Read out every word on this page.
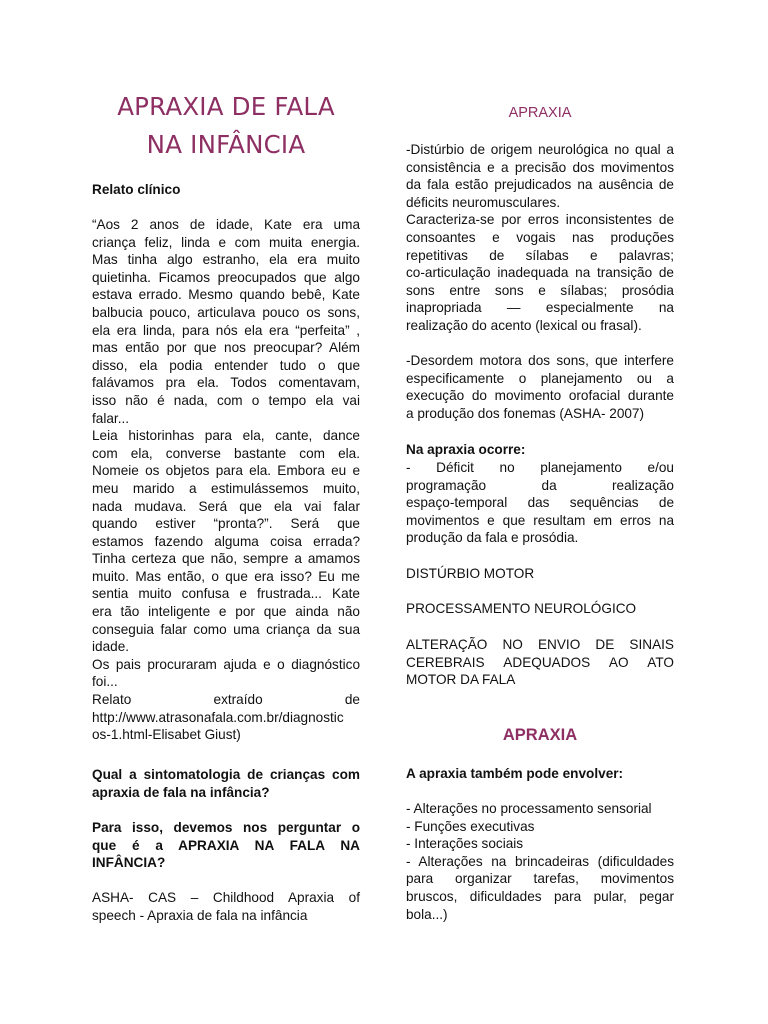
APRAXIA DE FALA
NA INFÂNCIA

Relato clínico

“Aos 2 anos de idade, Kate era uma
criança feliz, linda e com muita energia.
Mas tinha algo estranho, ela era muito
quietinha. Ficamos preocupados que algo
estava errado. Mesmo quando bebê, Kate
balbucia pouco, articulava pouco os sons,
ela era linda, para nós ela era “perfeita” ,
mas então por que nos preocupar? Além
disso, ela podia entender tudo o que
falávamos pra ela. Todos comentavam,
isso não é nada, com o tempo ela vai
falar...
Leia historinhas para ela, cante, dance
com ela, converse bastante com ela.
Nomeie os objetos para ela. Embora eu e
meu marido a estimulássemos muito,
nada mudava. Será que ela vai falar
quando estiver “pronta?”. Será que
estamos fazendo alguma coisa errada?
Tinha certeza que não, sempre a amamos
muito. Mas então, o que era isso? Eu me
sentia muito confusa e frustrada... Kate
era tão inteligente e por que ainda não
conseguia falar como uma criança da sua
idade.
Os pais procuraram ajuda e o diagnóstico
foi...
Relato extraído de
http://www.atrasonafala.com.br/diagnostic
os-1.html-Elisabet Giust)
Qual a sintomatologia de crianças com
apraxia de fala na infância?
Para isso, devemos nos perguntar o
que é a APRAXIA NA FALA NA
INFÂNCIA?
ASHA- CAS – Childhood Apraxia of
speech - Apraxia de fala na infância
APRAXIA
-Distúrbio de origem neurológica no qual a
consistência e a precisão dos movimentos
da fala estão prejudicados na ausência de
déficits neuromusculares.
Caracteriza-se por erros inconsistentes de
consoantes e vogais nas produções
repetitivas de sílabas e palavras;
co-articulação inadequada na transição de
sons entre sons e sílabas; prosódia
inapropriada — especialmente na
realização do acento (lexical ou frasal).
-Desordem motora dos sons, que interfere
especificamente o planejamento ou a
execução do movimento orofacial durante
a produção dos fonemas (ASHA- 2007)

Na apraxia ocorre:

- Déficit no planejamento e/ou
programação da realização
espaço-temporal das sequências de
movimentos e que resultam em erros na
produção da fala e prosódia.

DISTÚRBIO MOTOR

PROCESSAMENTO NEUROLÓGICO

ALTERAÇÃO NO ENVIO DE SINAIS
CEREBRAIS ADEQUADOS AO ATO
MOTOR DA FALA
APRAXIA

A apraxia também pode envolver:

- Alterações no processamento sensorial
- Funções executivas
- Interações sociais
- Alterações na brincadeiras (dificuldades
para organizar tarefas, movimentos
bruscos, dificuldades para pular, pegar
bola...)
